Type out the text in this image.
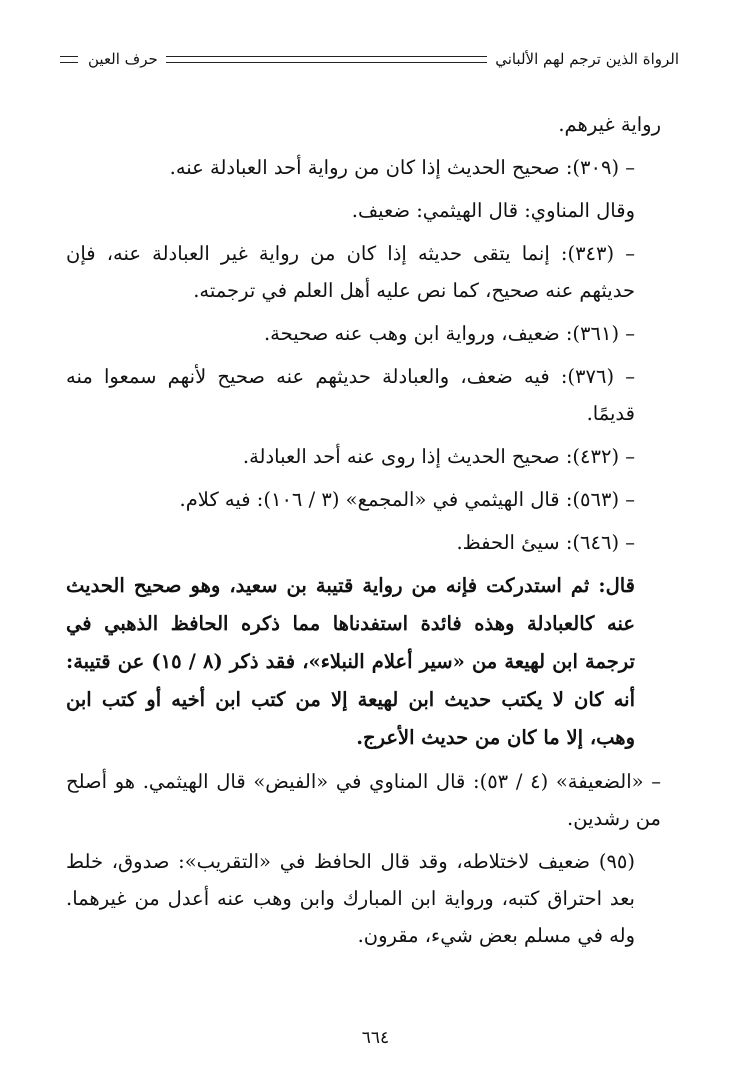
الرواة الذين ترجم لهم الألباني
حرف العين

رواية غيرهم.

– (٣٠٩): صحيح الحديث إذا كان من رواية أحد العبادلة عنه.

وقال المناوي: قال الهيثمي: ضعيف.

– (٣٤٣): إنما يتقى حديثه إذا كان من رواية غير العبادلة عنه، فإن حديثهم عنه صحيح، كما نص عليه أهل العلم في ترجمته.

– (٣٦١): ضعيف، ورواية ابن وهب عنه صحيحة.

– (٣٧٦): فيه ضعف، والعبادلة حديثهم عنه صحيح لأنهم سمعوا منه قديمًا.

– (٤٣٢): صحيح الحديث إذا روى عنه أحد العبادلة.

– (٥٦٣): قال الهيثمي في «المجمع» (٣ / ١٠٦): فيه كلام.

– (٦٤٦): سيئ الحفظ.

قال: ثم استدركت فإنه من رواية قتيبة بن سعيد، وهو صحيح الحديث عنه كالعبادلة وهذه فائدة استفدناها مما ذكره الحافظ الذهبي في ترجمة ابن لهيعة من «سير أعلام النبلاء»، فقد ذكر (٨ / ١٥) عن قتيبة: أنه كان لا يكتب حديث ابن لهيعة إلا من كتب ابن أخيه أو كتب ابن وهب، إلا ما كان من حديث الأعرج.

– «الضعيفة» (٤ / ٥٣): قال المناوي في «الفيض» قال الهيثمي. هو أصلح من رشدين.

(٩٥) ضعيف لاختلاطه، وقد قال الحافظ في «التقريب»: صدوق، خلط بعد احتراق كتبه، ورواية ابن المبارك وابن وهب عنه أعدل من غيرهما. وله في مسلم بعض شيء، مقرون.

٦٦٤
